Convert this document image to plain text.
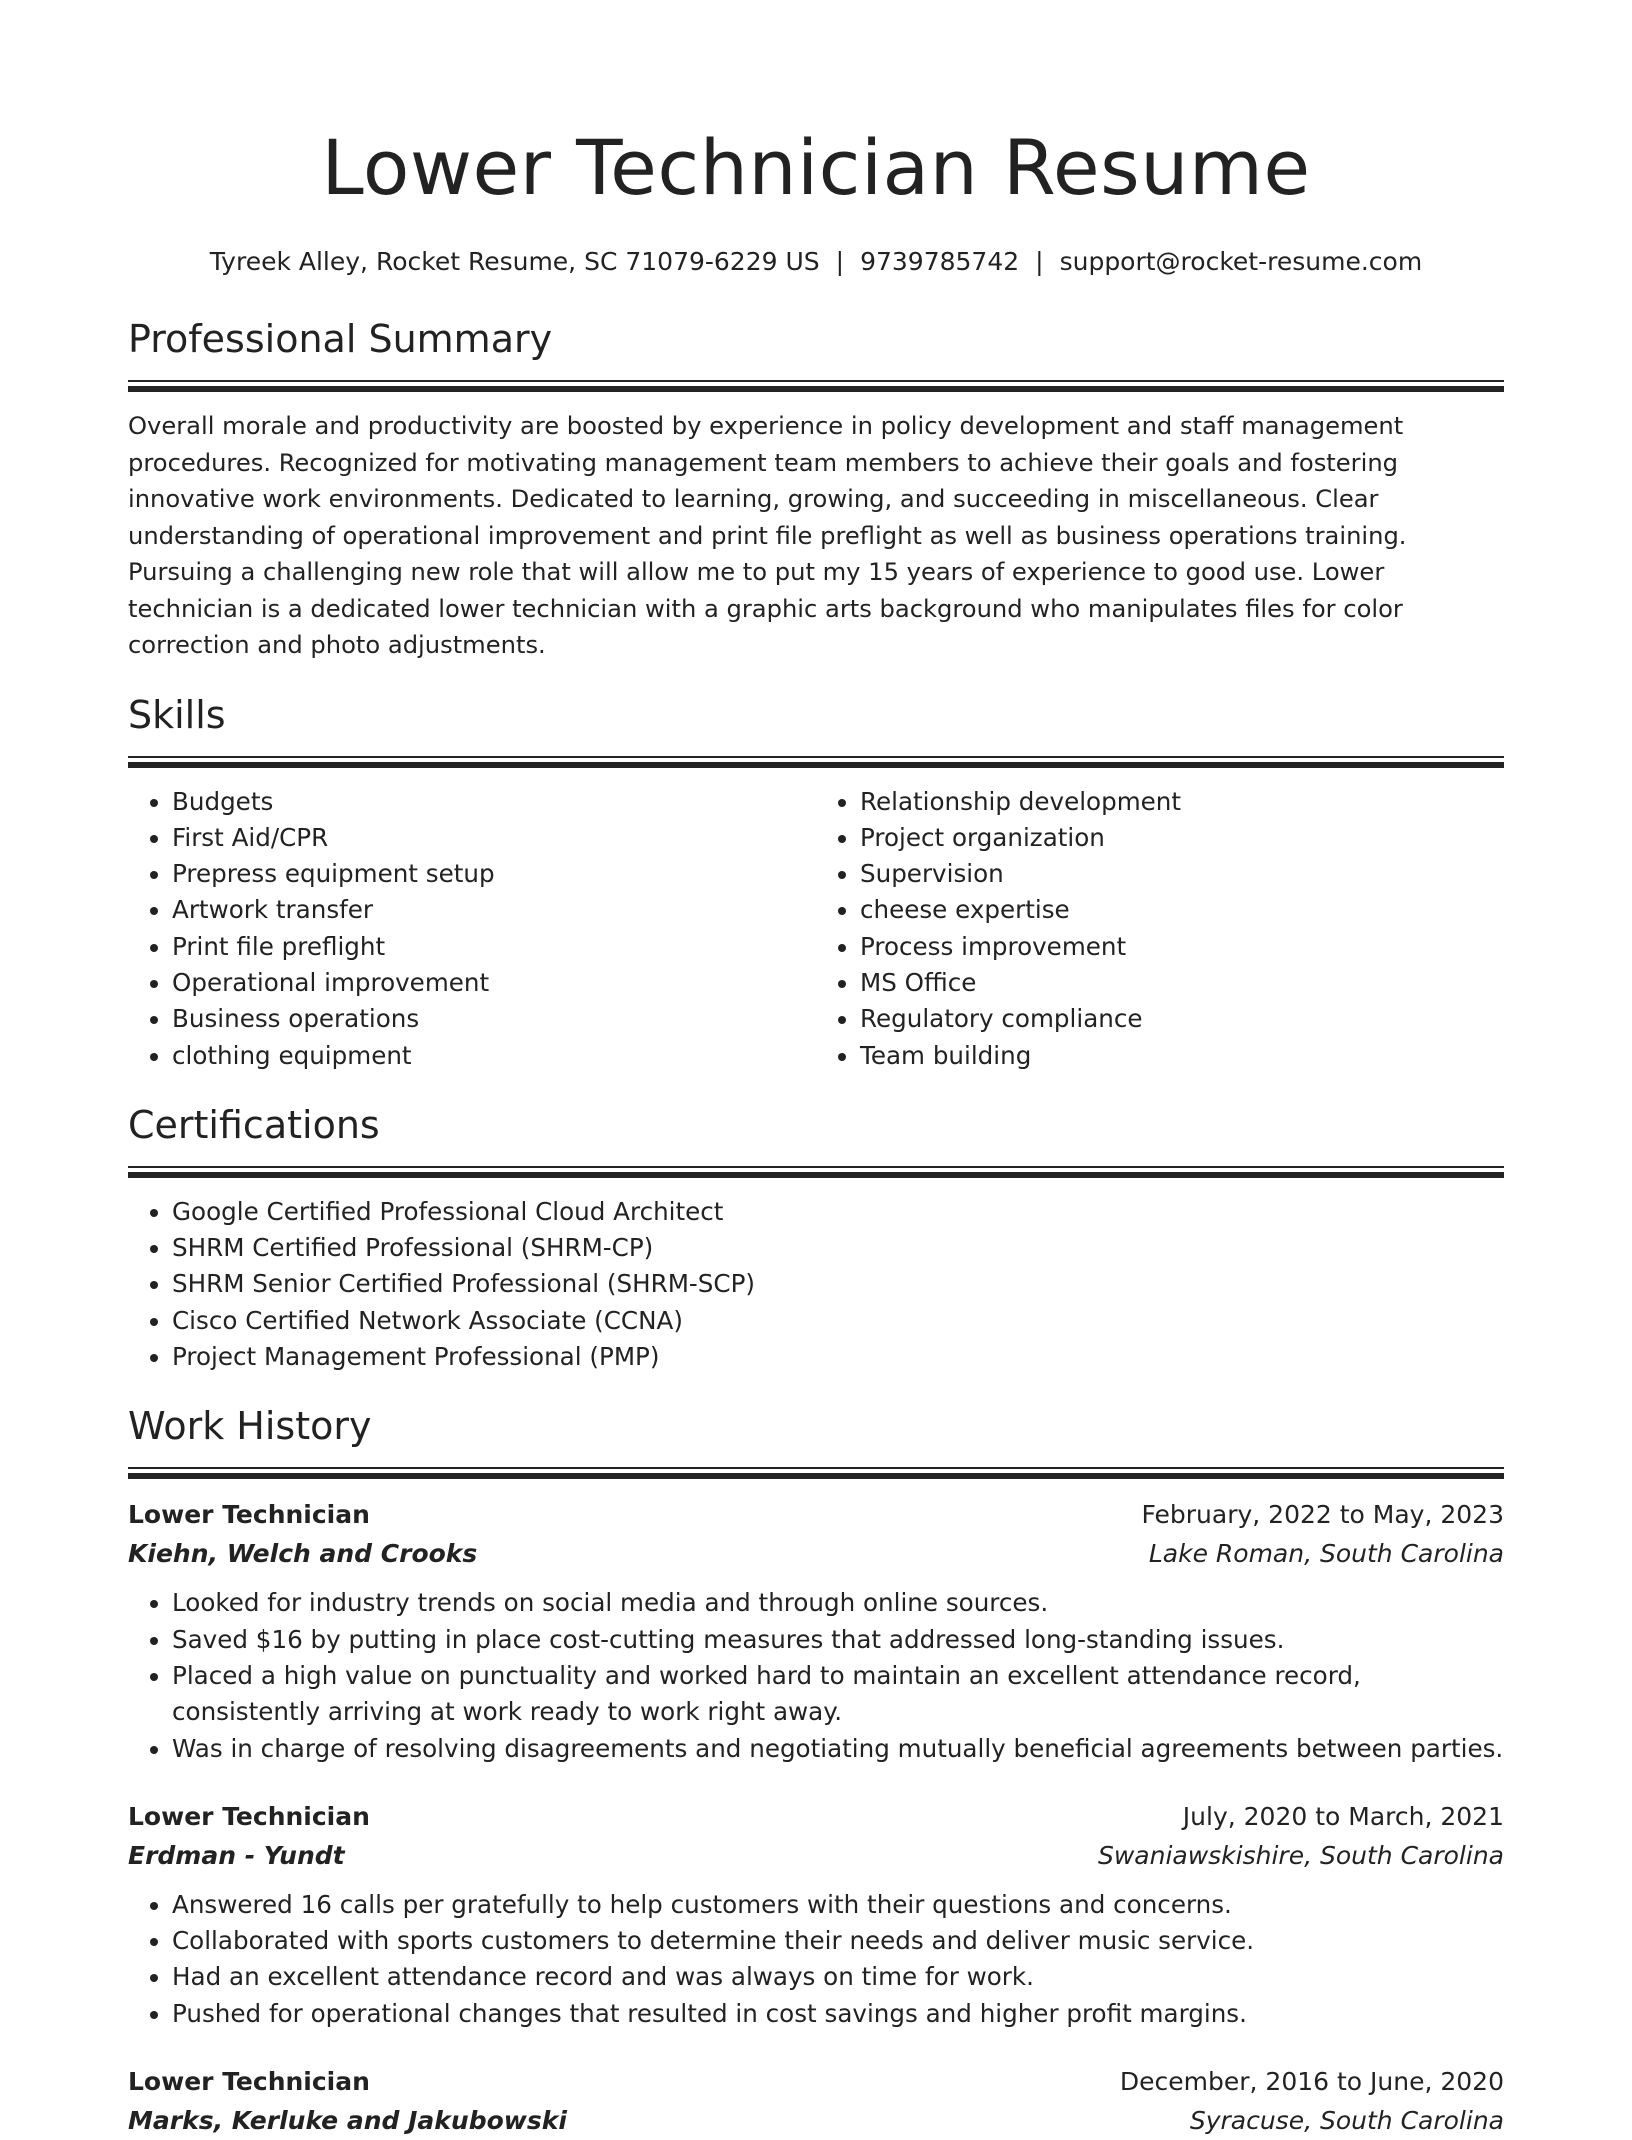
Lower Technician Resume
Tyreek Alley, Rocket Resume, SC 71079-6229 US | 9739785742 | support@rocket-resume.com
Professional Summary

Overall morale and productivity are boosted by experience in policy development and staff management procedures. Recognized for motivating management team members to achieve their goals and fostering innovative work environments. Dedicated to learning, growing, and succeeding in miscellaneous. Clear understanding of operational improvement and print file preflight as well as business operations training. Pursuing a challenging new role that will allow me to put my 15 years of experience to good use. Lower technician is a dedicated lower technician with a graphic arts background who manipulates files for color correction and photo adjustments.

Skills
• Budgets
• First Aid/CPR
• Prepress equipment setup
• Artwork transfer
• Print file preflight
• Operational improvement
• Business operations
• clothing equipment
• Relationship development
• Project organization
• Supervision
• cheese expertise
• Process improvement
• MS Office
• Regulatory compliance
• Team building
Certifications
• Google Certified Professional Cloud Architect
• SHRM Certified Professional (SHRM-CP)
• SHRM Senior Certified Professional (SHRM-SCP)
• Cisco Certified Network Associate (CCNA)
• Project Management Professional (PMP)
Work History
Lower Technician	February, 2022 to May, 2023
Kiehn, Welch and Crooks	Lake Roman, South Carolina
• Looked for industry trends on social media and through online sources.
• Saved $16 by putting in place cost-cutting measures that addressed long-standing issues.
• Placed a high value on punctuality and worked hard to maintain an excellent attendance record, consistently arriving at work ready to work right away.
• Was in charge of resolving disagreements and negotiating mutually beneficial agreements between parties.
Lower Technician	July, 2020 to March, 2021
Erdman - Yundt	Swaniawskishire, South Carolina
• Answered 16 calls per gratefully to help customers with their questions and concerns.
• Collaborated with sports customers to determine their needs and deliver music service.
• Had an excellent attendance record and was always on time for work.
• Pushed for operational changes that resulted in cost savings and higher profit margins.
Lower Technician	December, 2016 to June, 2020
Marks, Kerluke and Jakubowski	Syracuse, South Carolina
